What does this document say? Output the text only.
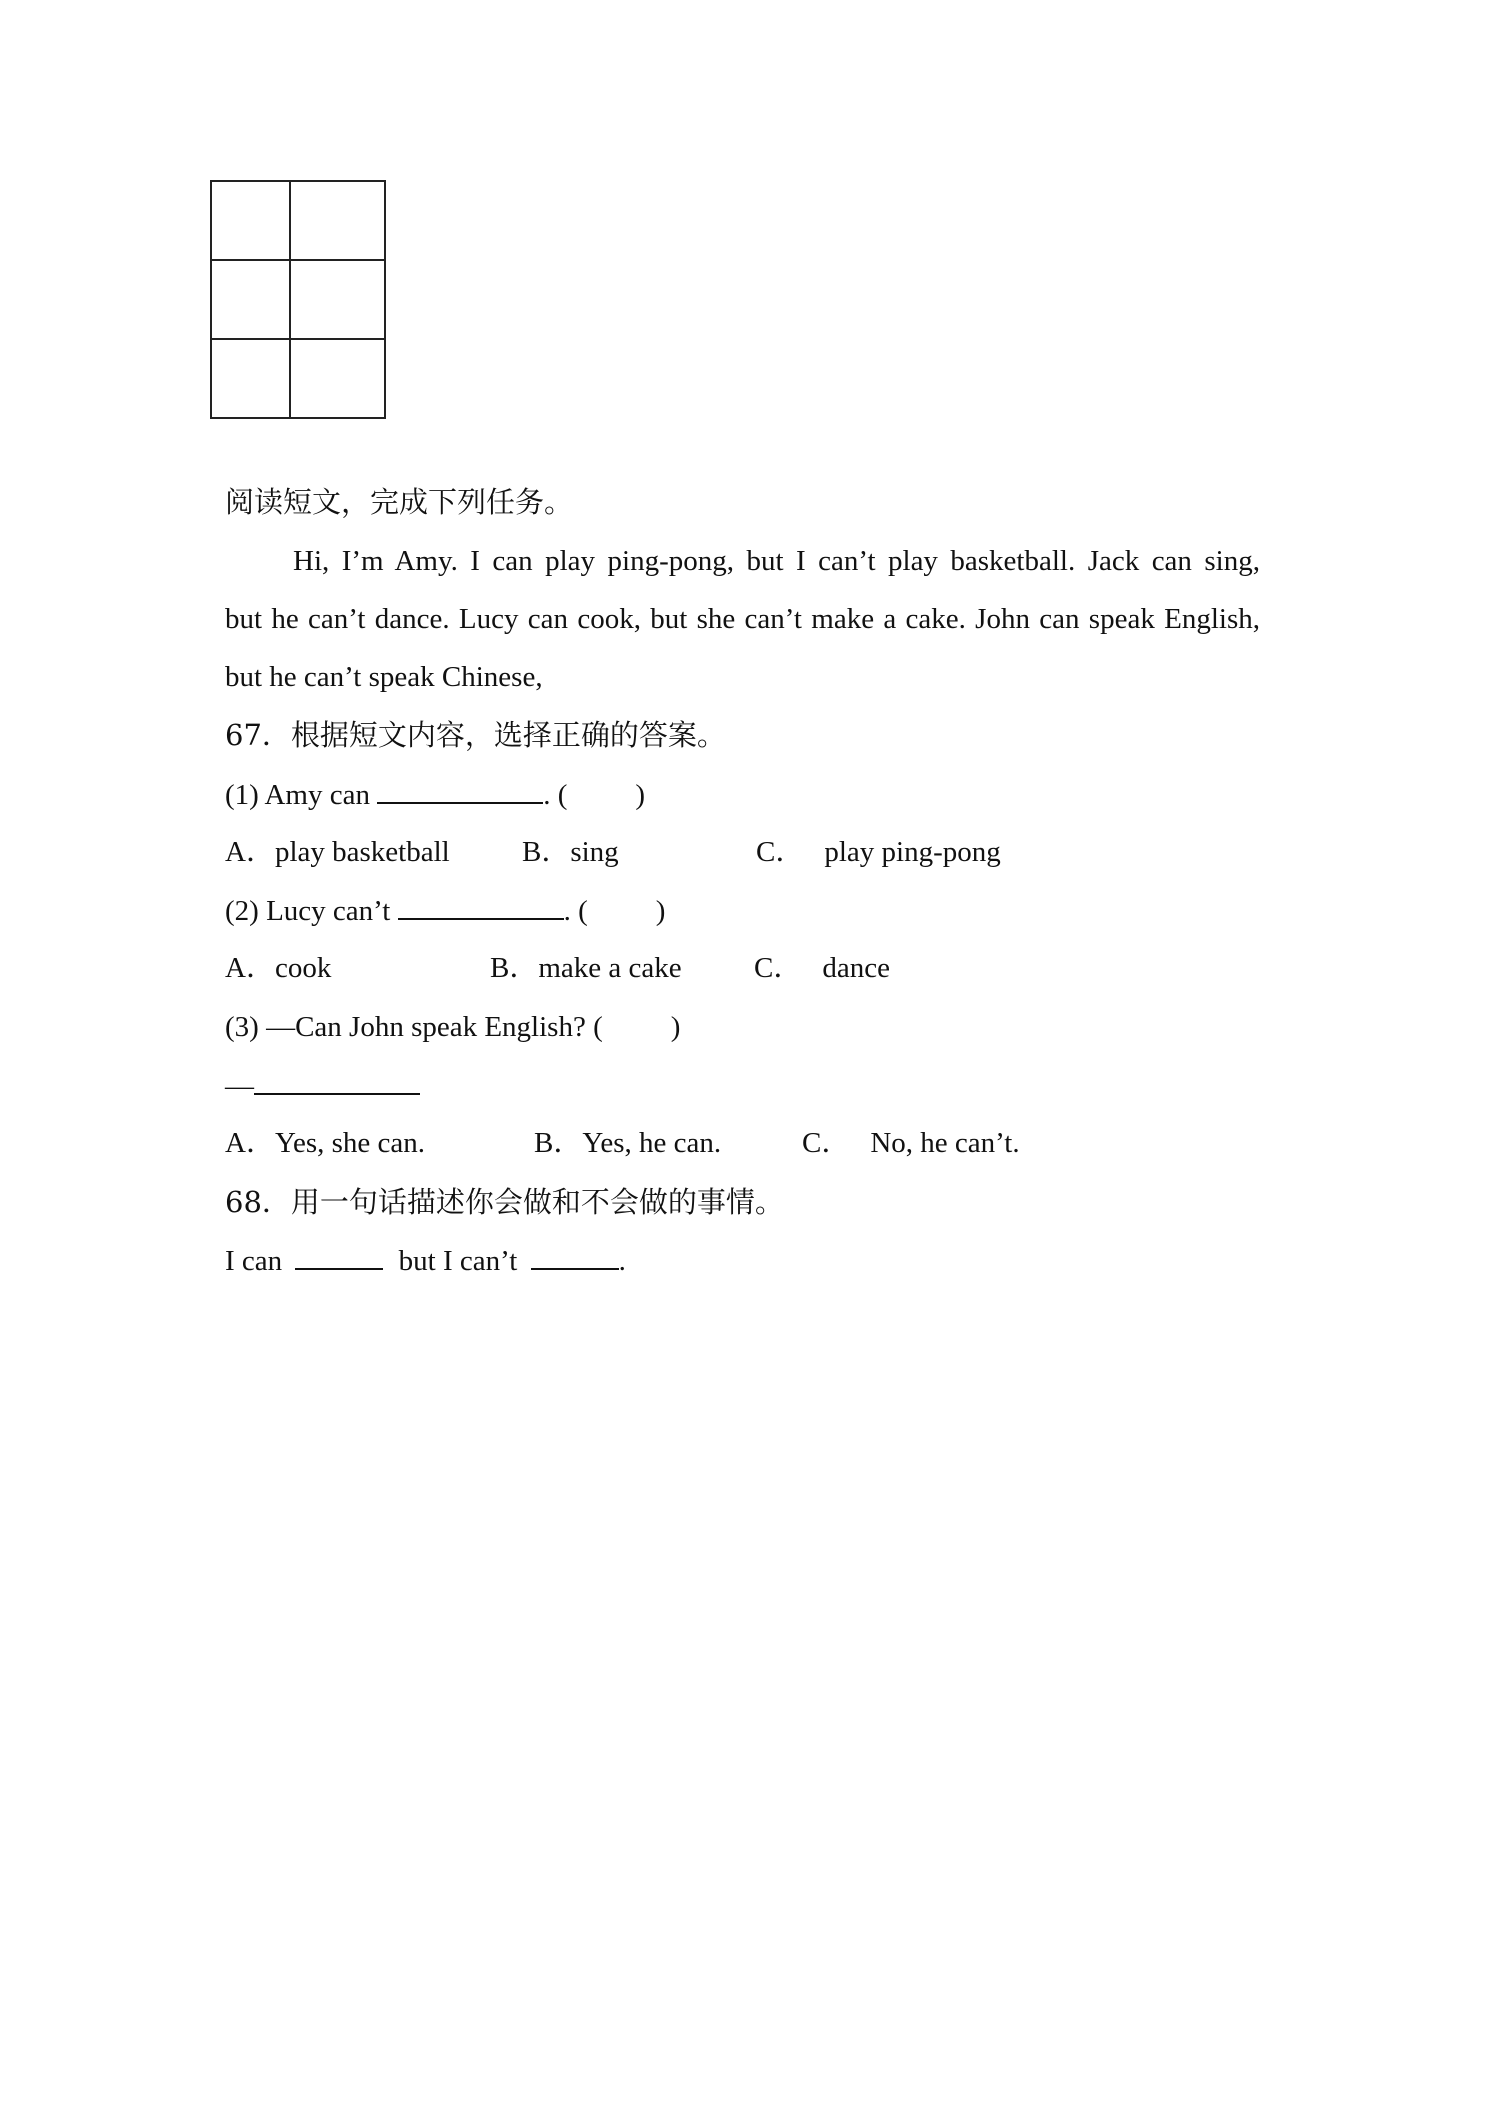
阅读短文，完成下列任务。
Hi, I’m Amy. I can play ping-pong, but I can’t play basketball. Jack can sing,
but he can’t dance. Lucy can cook, but she can’t make a cake. John can speak English,
but he can’t speak Chinese,
67．根据短文内容，选择正确的答案。
(1) Amy can	. ( )
A．play basketball B．sing	C． play ping-pong
(2) Lucy can’t	. ( )
A．cook	B．make a cake C． dance
(3) —Can John speak English? ( )
—
A．Yes, she can.	B．Yes, he can.	C． No, he can’t.
68．用一句话描述你会做和不会做的事情。
I can	but I can’t	.
